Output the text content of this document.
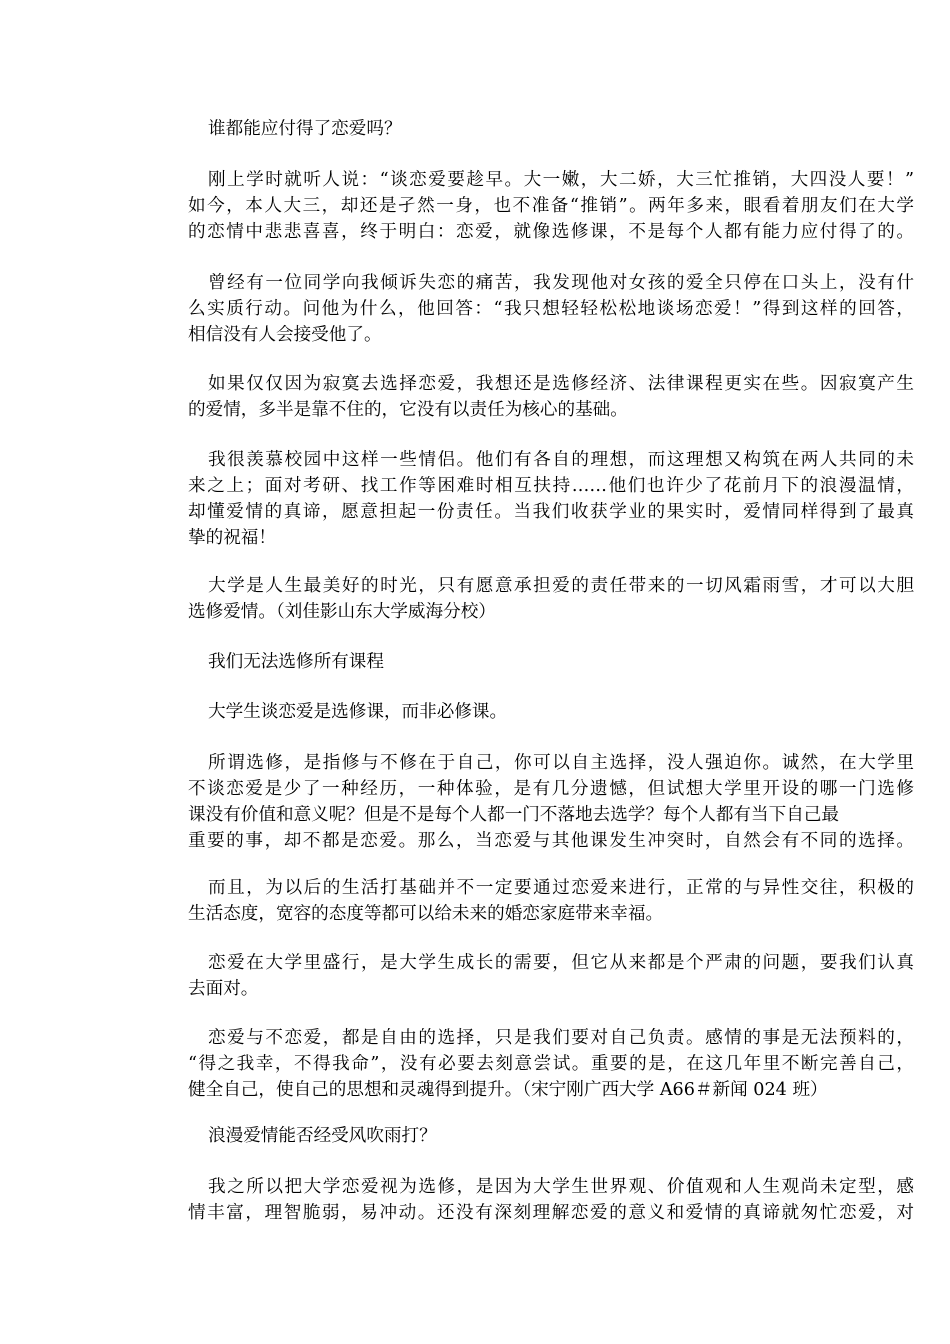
谁都能应付得了恋爱吗？

刚上学时就听人说：“谈恋爱要趁早。大一嫩，大二娇，大三忙推销，大四没人要！”
如今，本人大三，却还是孑然一身，也不准备“推销”。两年多来，眼看着朋友们在大学
的恋情中悲悲喜喜，终于明白：恋爱，就像选修课，不是每个人都有能力应付得了的。

曾经有一位同学向我倾诉失恋的痛苦，我发现他对女孩的爱全只停在口头上，没有什
么实质行动。问他为什么，他回答：“我只想轻轻松松地谈场恋爱！”得到这样的回答，
相信没有人会接受他了。

如果仅仅因为寂寞去选择恋爱，我想还是选修经济、法律课程更实在些。因寂寞产生
的爱情，多半是靠不住的，它没有以责任为核心的基础。

我很羡慕校园中这样一些情侣。他们有各自的理想，而这理想又构筑在两人共同的未
来之上；面对考研、找工作等困难时相互扶持……他们也许少了花前月下的浪漫温情，
却懂爱情的真谛，愿意担起一份责任。当我们收获学业的果实时，爱情同样得到了最真
挚的祝福！

大学是人生最美好的时光，只有愿意承担爱的责任带来的一切风霜雨雪，才可以大胆
选修爱情。（刘佳影山东大学威海分校）

我们无法选修所有课程

大学生谈恋爱是选修课，而非必修课。

所谓选修，是指修与不修在于自己，你可以自主选择，没人强迫你。诚然，在大学里
不谈恋爱是少了一种经历，一种体验，是有几分遗憾，但试想大学里开设的哪一门选修
课没有价值和意义呢？但是不是每个人都一门不落地去选学？每个人都有当下自己最
重要的事，却不都是恋爱。那么，当恋爱与其他课发生冲突时，自然会有不同的选择。

而且，为以后的生活打基础并不一定要通过恋爱来进行，正常的与异性交往，积极的
生活态度，宽容的态度等都可以给未来的婚恋家庭带来幸福。

恋爱在大学里盛行，是大学生成长的需要，但它从来都是个严肃的问题，要我们认真
去面对。

恋爱与不恋爱，都是自由的选择，只是我们要对自己负责。感情的事是无法预料的，
“得之我幸，不得我命”，没有必要去刻意尝试。重要的是，在这几年里不断完善自己，
健全自己，使自己的思想和灵魂得到提升。（宋宁刚广西大学 A66＃新闻 024 班）

浪漫爱情能否经受风吹雨打？

我之所以把大学恋爱视为选修，是因为大学生世界观、价值观和人生观尚未定型，感
情丰富，理智脆弱，易冲动。还没有深刻理解恋爱的意义和爱情的真谛就匆忙恋爱，对
